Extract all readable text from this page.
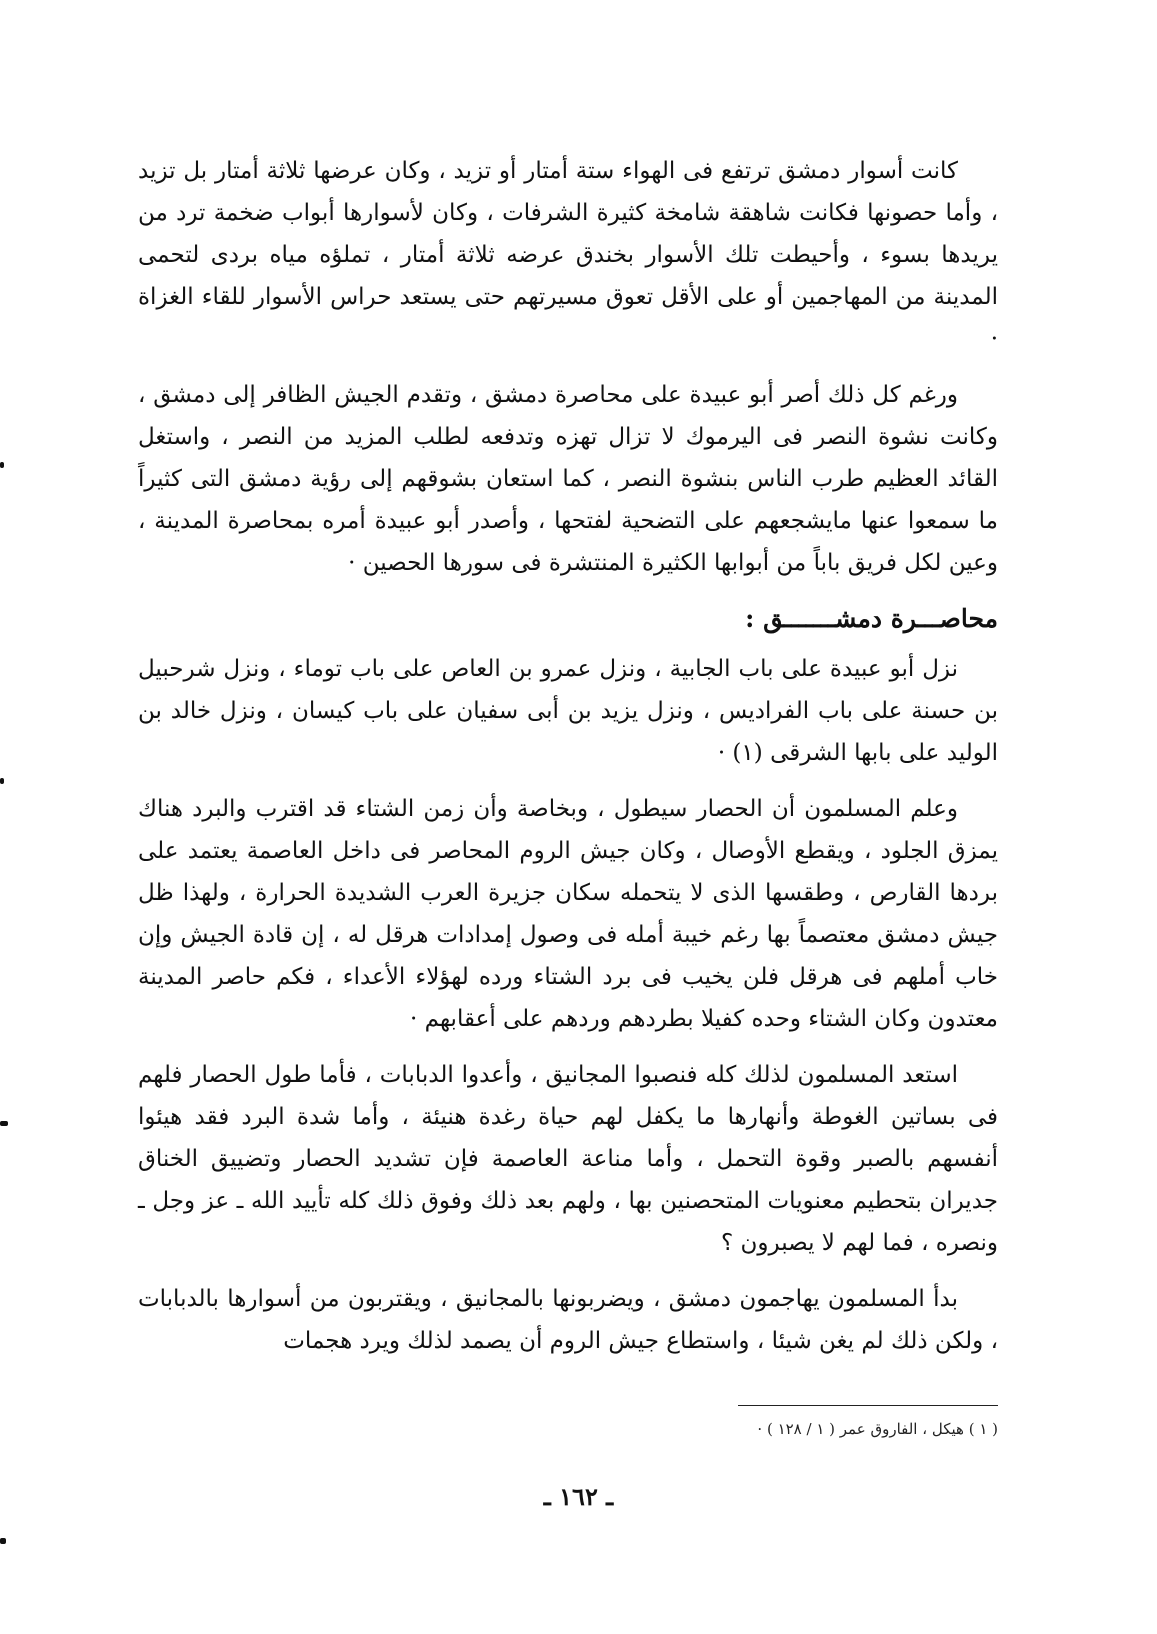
كانت أسوار دمشق ترتفع فى الهواء ستة أمتار أو تزيد ، وكان عرضها ثلاثة أمتار بل تزيد ، وأما حصونها فكانت شاهقة شامخة كثيرة الشرفات ، وكان لأسوارها أبواب ضخمة ترد من يريدها بسوء ، وأحيطت تلك الأسوار بخندق عرضه ثلاثة أمتار ، تملؤه مياه بردى لتحمى المدينة من المهاجمين أو على الأقل تعوق مسيرتهم حتى يستعد حراس الأسوار للقاء الغزاة ·

ورغم كل ذلك أصر أبو عبيدة على محاصرة دمشق ، وتقدم الجيش الظافر إلى دمشق ، وكانت نشوة النصر فى اليرموك لا تزال تهزه وتدفعه لطلب المزيد من النصر ، واستغل القائد العظيم طرب الناس بنشوة النصر ، كما استعان بشوقهم إلى رؤية دمشق التى كثيراً ما سمعوا عنها مايشجعهم على التضحية لفتحها ، وأصدر أبو عبيدة أمره بمحاصرة المدينة ، وعين لكل فريق باباً من أبوابها الكثيرة المنتشرة فى سورها الحصين ·

محاصـــرة دمشـــــــق :

نزل أبو عبيدة على باب الجابية ، ونزل عمرو بن العاص على باب توماء ، ونزل شرحبيل بن حسنة على باب الفراديس ، ونزل يزيد بن أبى سفيان على باب كيسان ، ونزل خالد بن الوليد على بابها الشرقى (١) ·

وعلم المسلمون أن الحصار سيطول ، وبخاصة وأن زمن الشتاء قد اقترب والبرد هناك يمزق الجلود ، ويقطع الأوصال ، وكان جيش الروم المحاصر فى داخل العاصمة يعتمد على بردها القارص ، وطقسها الذى لا يتحمله سكان جزيرة العرب الشديدة الحرارة ، ولهذا ظل جيش دمشق معتصماً بها رغم خيبة أمله فى وصول إمدادات هرقل له ، إن قادة الجيش وإن خاب أملهم فى هرقل فلن يخيب فى برد الشتاء ورده لهؤلاء الأعداء ، فكم حاصر المدينة معتدون وكان الشتاء وحده كفيلا بطردهم وردهم على أعقابهم ·

استعد المسلمون لذلك كله فنصبوا المجانيق ، وأعدوا الدبابات ، فأما طول الحصار فلهم فى بساتين الغوطة وأنهارها ما يكفل لهم حياة رغدة هنيئة ، وأما شدة البرد فقد هيئوا أنفسهم بالصبر وقوة التحمل ، وأما مناعة العاصمة فإن تشديد الحصار وتضييق الخناق جديران بتحطيم معنويات المتحصنين بها ، ولهم بعد ذلك وفوق ذلك كله تأييد الله ـ عز وجل ـ ونصره ، فما لهم لا يصبرون ؟

بدأ المسلمون يهاجمون دمشق ، ويضربونها بالمجانيق ، ويقتربون من أسوارها بالدبابات ، ولكن ذلك لم يغن شيئا ، واستطاع جيش الروم أن يصمد لذلك ويرد هجمات

( ١ ) هيكل ، الفاروق عمر ( ١ / ١٢٨ ) ·
ـ ١٦٢ ـ
